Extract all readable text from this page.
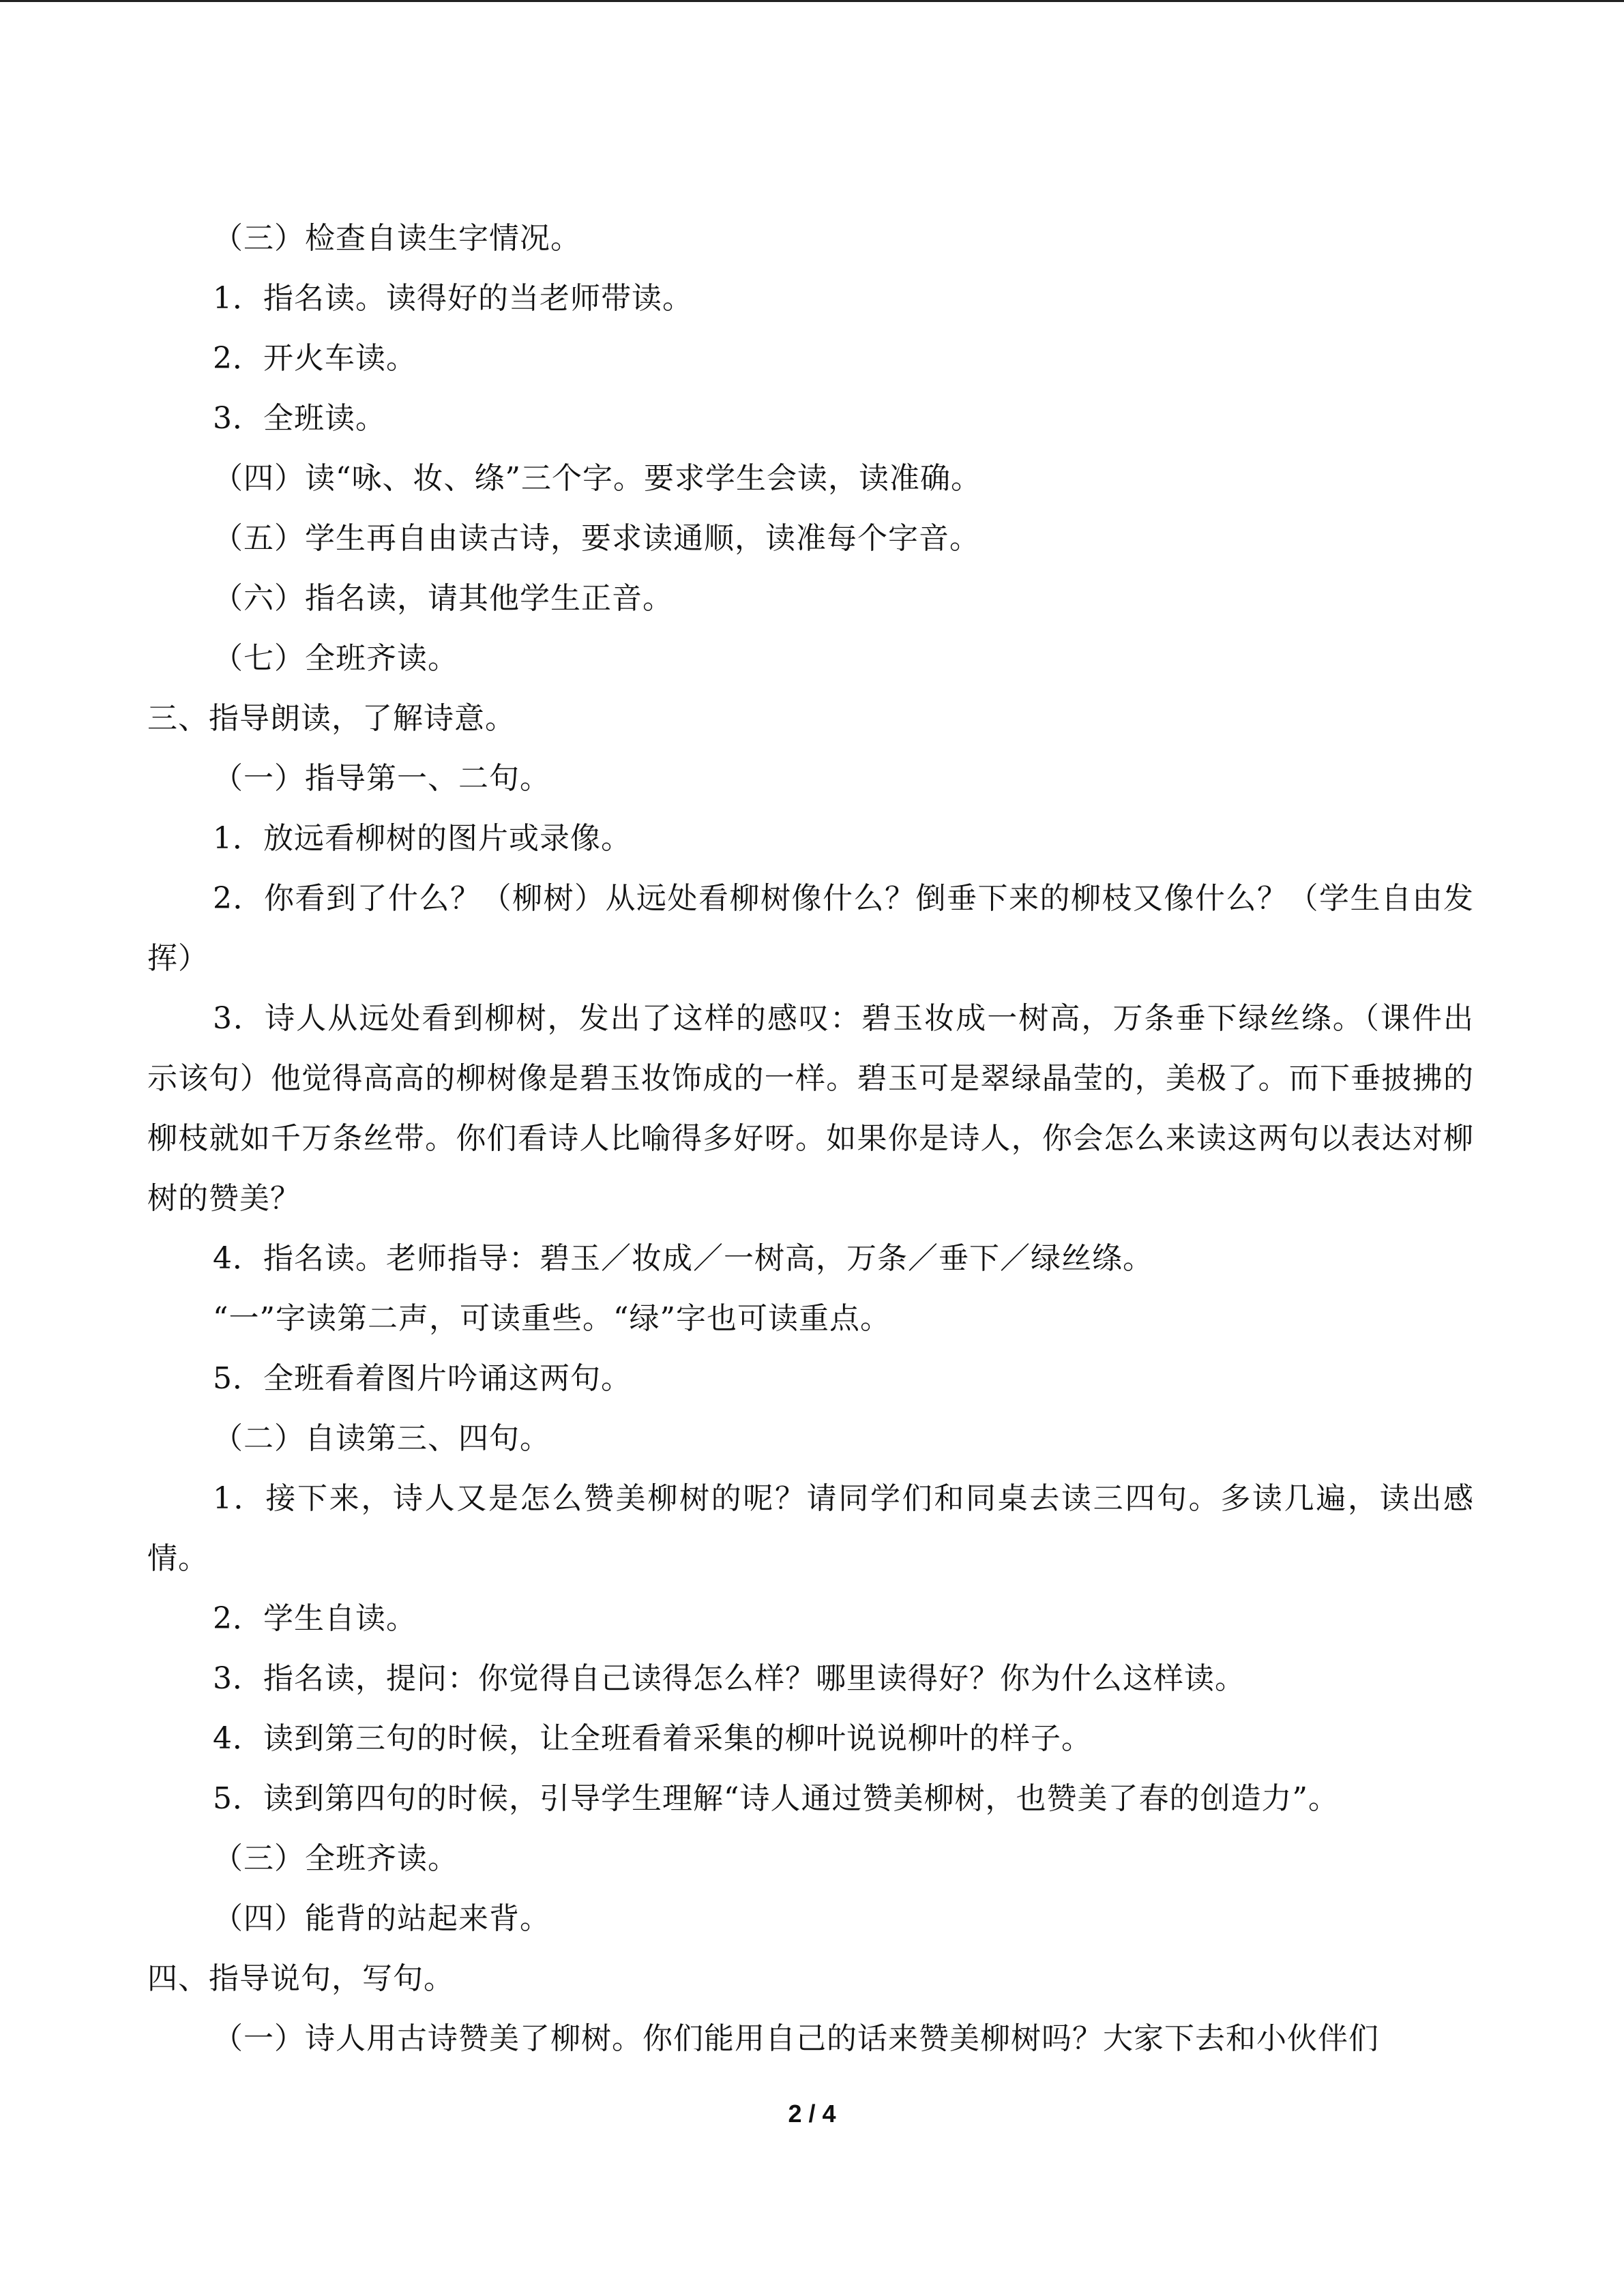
（三）检查自读生字情况。

1．指名读。读得好的当老师带读。

2．开火车读。

3．全班读。

（四）读“咏、妆、绦”三个字。要求学生会读，读准确。

（五）学生再自由读古诗，要求读通顺，读准每个字音。

（六）指名读，请其他学生正音。

（七）全班齐读。

三、指导朗读，了解诗意。

（一）指导第一、二句。

1．放远看柳树的图片或录像。

2．你看到了什么？（柳树）从远处看柳树像什么？倒垂下来的柳枝又像什么？（学生自由发挥）

3．诗人从远处看到柳树，发出了这样的感叹：碧玉妆成一树高，万条垂下绿丝绦。（课件出示该句）他觉得高高的柳树像是碧玉妆饰成的一样。碧玉可是翠绿晶莹的，美极了。而下垂披拂的柳枝就如千万条丝带。你们看诗人比喻得多好呀。如果你是诗人，你会怎么来读这两句以表达对柳树的赞美？

4．指名读。老师指导：碧玉／妆成／一树高，万条／垂下／绿丝绦。

“一”字读第二声，可读重些。“绿”字也可读重点。

5．全班看着图片吟诵这两句。

（二）自读第三、四句。

1．接下来，诗人又是怎么赞美柳树的呢？请同学们和同桌去读三四句。多读几遍，读出感情。

2．学生自读。

3．指名读，提问：你觉得自己读得怎么样？哪里读得好？你为什么这样读。

4．读到第三句的时候，让全班看着采集的柳叶说说柳叶的样子。

5．读到第四句的时候，引导学生理解“诗人通过赞美柳树，也赞美了春的创造力”。

（三）全班齐读。

（四）能背的站起来背。

四、指导说句，写句。

（一）诗人用古诗赞美了柳树。你们能用自己的话来赞美柳树吗？大家下去和小伙伴们

2 / 4
